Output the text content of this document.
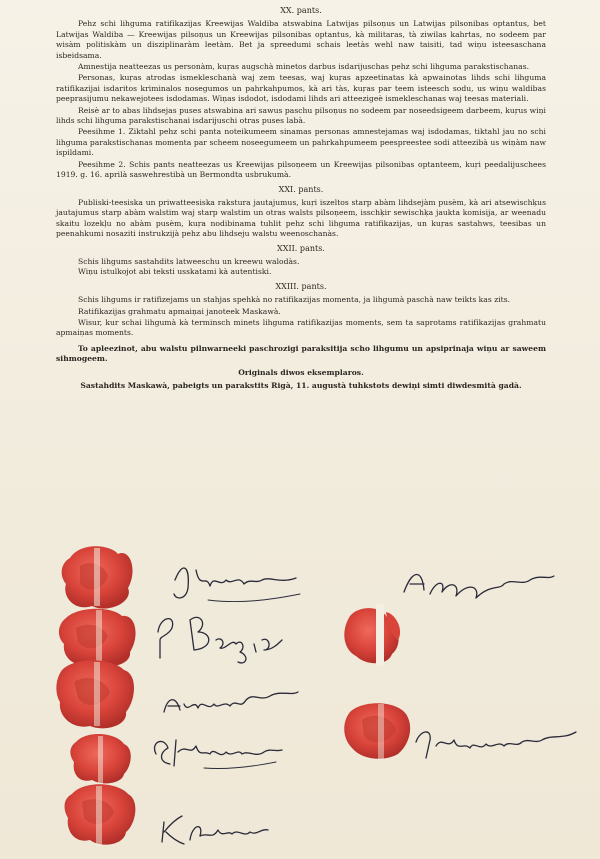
XX. pants.

Pehz schi lihguma ratifikazijas Kreewijas Waldiba atswabina Latwijas pilsoņus un Latwijas pilsonibas optantus, bet Latwijas Waldiba — Kreewijas pilsoņus un Kreewijas pilsonibas optantus, kà militaras, tà ziwilas kahrtas, no sodeem par wisàm politiskàm un disziplinaràm leetàm. Bet ja spreedumi schais leetàs wehl naw taisiti, tad wiņu isteesaschana isbeidsama.

Amnestija neatteezas us personàm, kuŗas augschà minetos darbus isdarijuschas pehz schi lihguma parakstischanas.

Personas, kuŗas atrodas ismekleschanà waj zem teesas, waj kuŗas apzeetinatas kà apwainotas lihds schi lihguma ratifikazijai isdaritos kriminalos nosegumos un pahrkahpumos, kà ari tàs, kuŗas par teem isteesch sodu, us wiņu waldibas peeprasijumu nekawejotees isdodamas. Wiņas isdodot, isdodami lihds ari atteezigeè ismekleschanas waj teesas materiali.

Reisè ar to abas lihdsejas puses atswabina ari sawus paschu pilsoņus no sodeem par noseedsigeem darbeem, kuŗus wiņi lihds schi lihguma parakstischanai isdarijuschi otras puses labà.

Peesihme 1. Ziktahl pehz schi panta noteikumeem sinamas personas amnestejamas waj isdodamas, tiktahl jau no schi lihguma parakstischanas momenta par scheem noseegumeem un pahrkahpumeem peespreestee sodi atteezibà us wiņàm naw ispildami.

Peesihme 2. Schis pants neatteezas us Kreewijas pilsoņeem un Kreewijas pilsonibas optanteem, kuŗi peedalijuschees 1919. g. 16. aprilà saswehrestibà un Bermondta usbrukumà.

XXI. pants.

Publiski-teesiska un priwatteesiska rakstura jautajumus, kuŗi iszeltos starp abàm lihdsejàm pusèm, kà ari atsewischķus jautajumus starp abàm walstim waj starp walstim un otras walsts pilsoņeem, isschķir sewischķa jaukta komisija, ar weenadu skaitu lozekļu no abàm pusèm, kuŗa nodibinama tuhlit pehz schi lihguma ratifikazijas, un kuŗas sastahws, teesibas un peenahkumi nosaziti instrukzijà pehz abu lihdseju walstu weenoschanàs.

XXII. pants.

Schis lihgums sastahdits latweeschu un kreewu walodàs.

Wiņu istulkojot abi teksti usskatami kà autentiski.

XXIII. pants.

Schis lihgums ir ratifizejams un stahjas spehkà no ratifikazijas momenta, ja lihgumà paschà naw teikts kas zits.

Ratifikazijas grahmatu apmaiņai janoteek Maskawà.

Wisur, kur schai lihgumà kà terminsch minets lihguma ratifikazijas moments, sem ta saprotams ratifikazijas grahmatu apmaiņas moments.

To apleezinot, abu walstu pilnwarneeki paschrozigi paraksitija scho lihgumu un apsiprinaja wiņu ar saweem sihmogeem.

Originals diwos eksemplaros.
Sastahdits Maskawà, pabeigts un parakstits Rigà, 11. augustà tuhkstots dewiņi simti diwdesmità gadà.
